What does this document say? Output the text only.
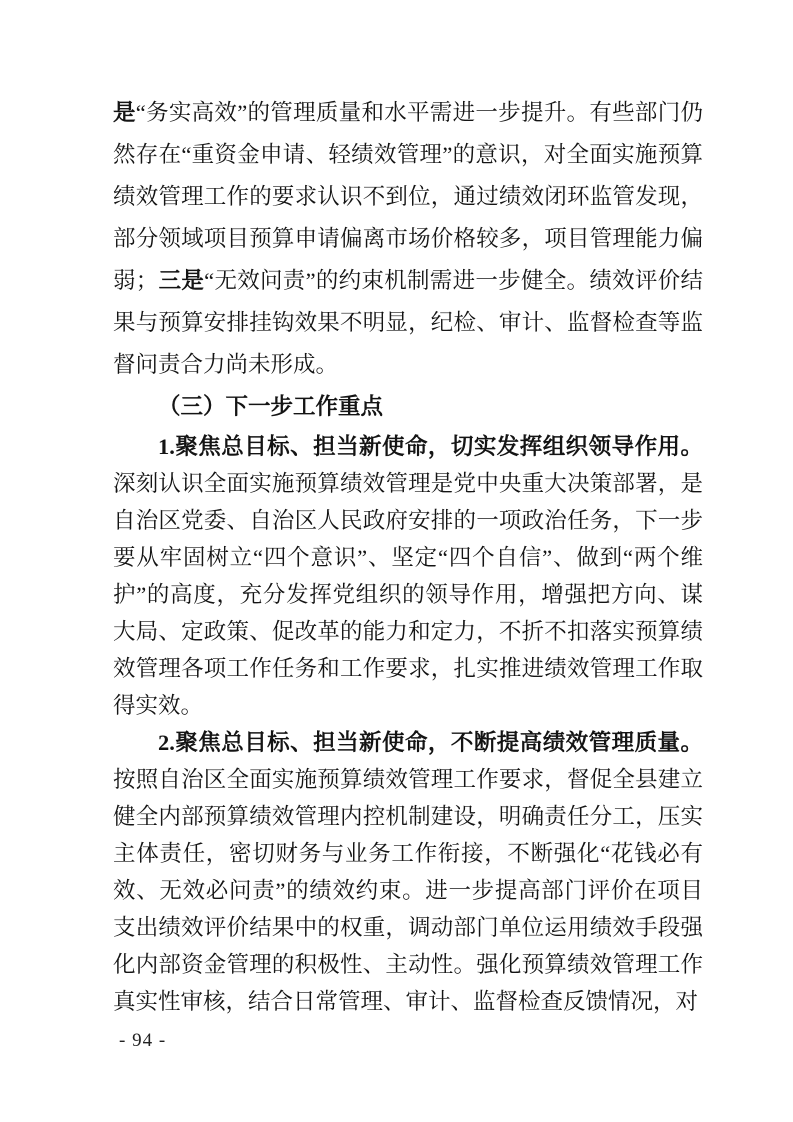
是“务实高效”的管理质量和水平需进一步提升。有些部门仍然存在“重资金申请、轻绩效管理”的意识，对全面实施预算绩效管理工作的要求认识不到位，通过绩效闭环监管发现，部分领域项目预算申请偏离市场价格较多，项目管理能力偏弱；三是“无效问责”的约束机制需进一步健全。绩效评价结果与预算安排挂钩效果不明显，纪检、审计、监督检查等监督问责合力尚未形成。

（三）下一步工作重点

1.聚焦总目标、担当新使命，切实发挥组织领导作用。深刻认识全面实施预算绩效管理是党中央重大决策部署，是自治区党委、自治区人民政府安排的一项政治任务，下一步要从牢固树立“四个意识”、坚定“四个自信”、做到“两个维护”的高度，充分发挥党组织的领导作用，增强把方向、谋大局、定政策、促改革的能力和定力，不折不扣落实预算绩效管理各项工作任务和工作要求，扎实推进绩效管理工作取得实效。

2.聚焦总目标、担当新使命，不断提高绩效管理质量。按照自治区全面实施预算绩效管理工作要求，督促全县建立健全内部预算绩效管理内控机制建设，明确责任分工，压实主体责任，密切财务与业务工作衔接，不断强化“花钱必有效、无效必问责”的绩效约束。进一步提高部门评价在项目支出绩效评价结果中的权重，调动部门单位运用绩效手段强化内部资金管理的积极性、主动性。强化预算绩效管理工作真实性审核，结合日常管理、审计、监督检查反馈情况，对

- 94 -
